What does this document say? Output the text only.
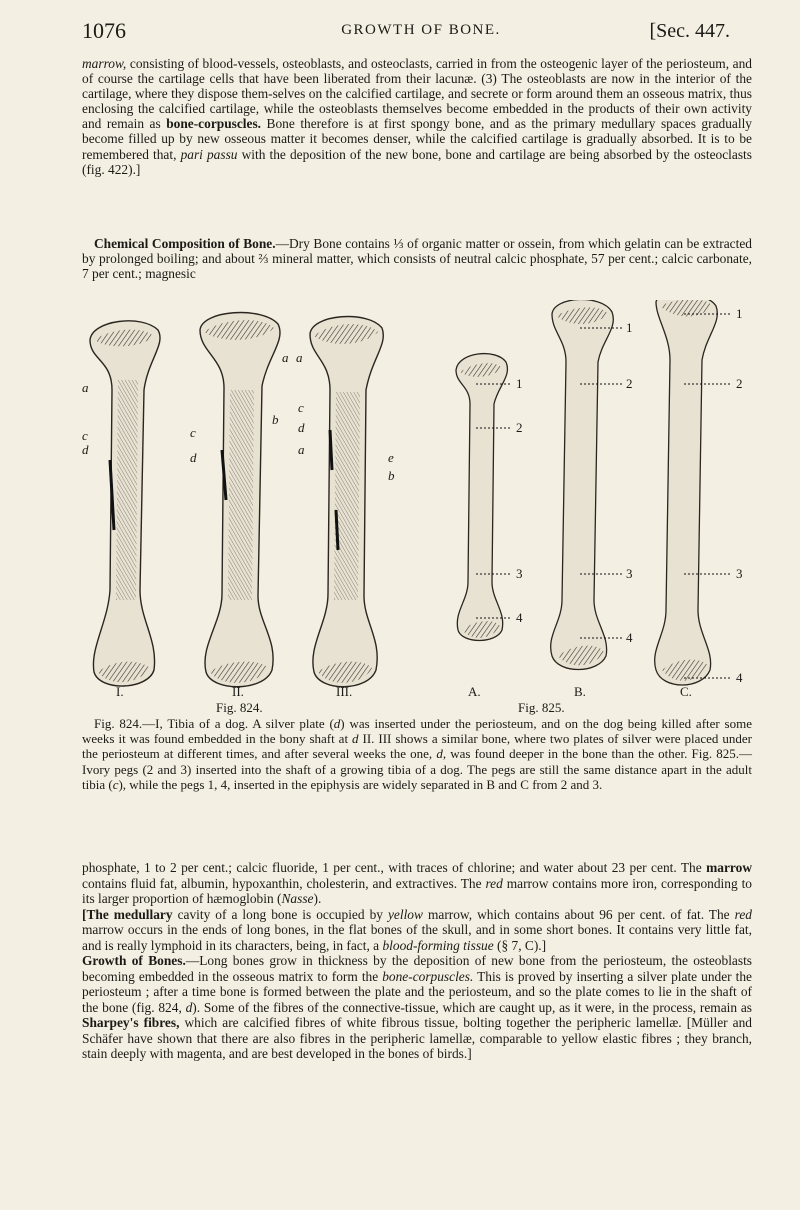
1076	GROWTH OF BONE.	[Sec. 447.

marrow, consisting of blood-vessels, osteoblasts, and osteoclasts, carried in from the osteogenic layer of the periosteum, and of course the cartilage cells that have been liberated from their lacunæ. (3) The osteoblasts are now in the interior of the cartilage, where they dispose them-selves on the calcified cartilage, and secrete or form around them an osseous matrix, thus enclosing the calcified cartilage, while the osteoblasts themselves become embedded in the products of their own activity and remain as bone-corpuscles. Bone therefore is at first spongy bone, and as the primary medullary spaces gradually become filled up by new osseous matter it becomes denser, while the calcified cartilage is gradually absorbed. It is to be remembered that, pari passu with the deposition of the new bone, bone and cartilage are being absorbed by the osteoclasts (fig. 422).]

Chemical Composition of Bone.—Dry Bone contains ⅓ of organic matter or ossein, from which gelatin can be extracted by prolonged boiling; and about ⅔ mineral matter, which consists of neutral calcic phosphate, 57 per cent.; calcic carbonate, 7 per cent.; magnesic

a
c
d
a
b
c
d
a
c
d
a
e
b
1
2
3
4
1
2
3
4
1
2
3
4
I.	II.	III.	A.	B.	C.
Fig. 824.	Fig. 825.

Fig. 824.—I, Tibia of a dog. A silver plate (d) was inserted under the periosteum, and on the dog being killed after some weeks it was found embedded in the bony shaft at d II. III shows a similar bone, where two plates of silver were placed under the periosteum at different times, and after several weeks the one, d, was found deeper in the bone than the other. Fig. 825.—Ivory pegs (2 and 3) inserted into the shaft of a growing tibia of a dog. The pegs are still the same distance apart in the adult tibia (c), while the pegs 1, 4, inserted in the epiphysis are widely separated in B and C from 2 and 3.

phosphate, 1 to 2 per cent.; calcic fluoride, 1 per cent., with traces of chlorine; and water about 23 per cent. The marrow contains fluid fat, albumin, hypoxanthin, cholesterin, and extractives. The red marrow contains more iron, corresponding to its larger proportion of hæmoglobin (Nasse).

[The medullary cavity of a long bone is occupied by yellow marrow, which contains about 96 per cent. of fat. The red marrow occurs in the ends of long bones, in the flat bones of the skull, and in some short bones. It contains very little fat, and is really lymphoid in its characters, being, in fact, a blood-forming tissue (§ 7, C).]

Growth of Bones.—Long bones grow in thickness by the deposition of new bone from the periosteum, the osteoblasts becoming embedded in the osseous matrix to form the bone-corpuscles. This is proved by inserting a silver plate under the periosteum ; after a time bone is formed between the plate and the periosteum, and so the plate comes to lie in the shaft of the bone (fig. 824, d). Some of the fibres of the connective-tissue, which are caught up, as it were, in the process, remain as Sharpey's fibres, which are calcified fibres of white fibrous tissue, bolting together the peripheric lamellæ. [Müller and Schäfer have shown that there are also fibres in the peripheric lamellæ, comparable to yellow elastic fibres ; they branch, stain deeply with magenta, and are best developed in the bones of birds.]
